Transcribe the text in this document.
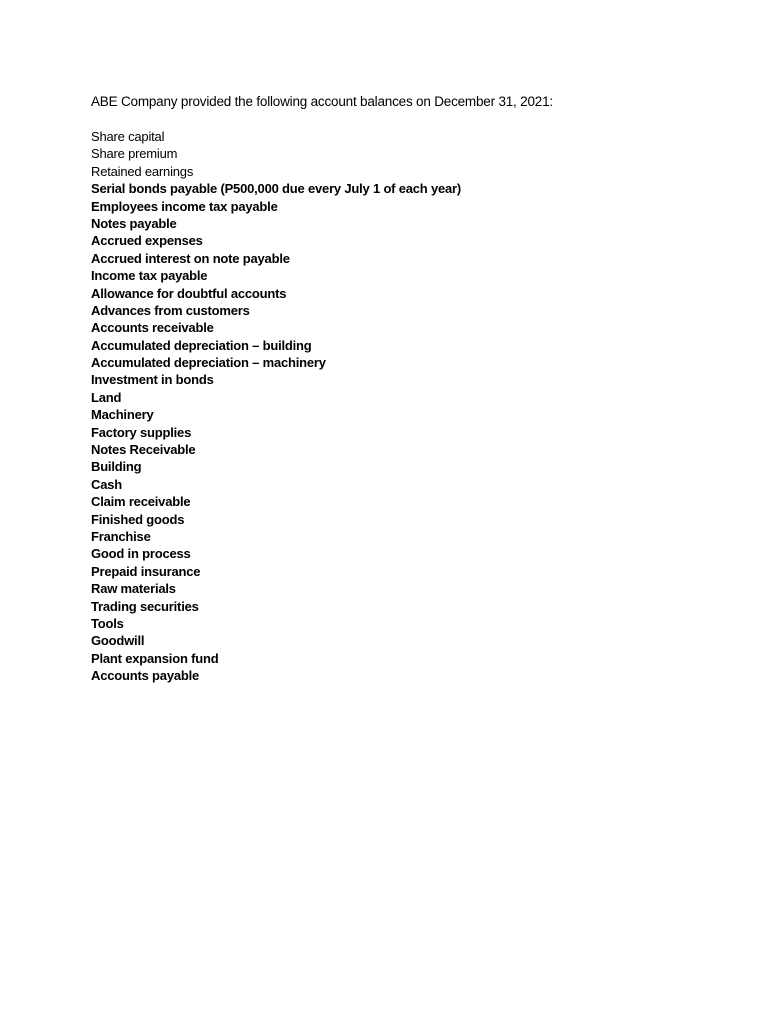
ABE Company provided the following account balances on December 31, 2021:
Share capital
Share premium
Retained earnings
Serial bonds payable (P500,000 due every July 1 of each year)
Employees income tax payable
Notes payable
Accrued expenses
Accrued interest on note payable
Income tax payable
Allowance for doubtful accounts
Advances from customers
Accounts receivable
Accumulated depreciation – building
Accumulated depreciation – machinery
Investment in bonds
Land
Machinery
Factory supplies
Notes Receivable
Building
Cash
Claim receivable
Finished goods
Franchise
Good in process
Prepaid insurance
Raw materials
Trading securities
Tools
Goodwill
Plant expansion fund
Accounts payable
